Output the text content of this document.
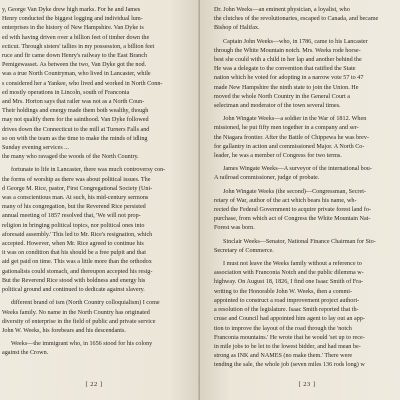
y, George Van Dyke drew high marks. For he and James
Henry conducted the biggest logging and individual lum-
enterprises in the history of New Hampshire. Van Dyke is
ed with having driven over a billion feet of timber down the
ecticut. Through sisters' tallies in my possession, a billion feet
ruce and fir came down Henry's railway to the East Branch
Pemigewasset. As between the two, Van Dyke got the nod.
was a true North Countryman, who lived in Lancaster, while
s considered her a Yankee, who lived and worked in North Conn-
ed mostly operations in Lincoln, south of Franconia
and Mrs. Horton says that railer was not as a North Coun-
Their holdings and energy made them both wealthy, though
may not qualify them for the sainthood. Van Dyke followed
drives down the Connecticut to the mill at Turners Falls and
so on with the team as the time to make the minds of idling
Sunday evening services ...
the many who ravaged the woods of the North Country.
fortunate to life in Lancaster, there was much controversy con-
the forms of worship as there was about political issues. The
d George M. Rice, pastor, First Congregational Society (Uni-
was a conscientious man. At such, his mid-century sermons
many of his congregation, but the Reverend Rice persisted
annual meeting of 1857 resolved that, 'We will not prop-
religion in bringing political topics, nor political ones into
aforesaid assembly.' This led to Mr. Rice's resignation, which
accepted. However, when Mr. Rice agreed to continue his
it was on condition that his should be a free pulpit and that
aid get paid on time. This was a little more than the orthodox
gationalists could stomach, and thereupon accepted his resig-
But the Reverend Rice stood with boldness and energy his
political ground and continued to dedicate against slavery.
different brand of ism (North Country colloquialism) I come
Weeks family. No name in the North Country has originated
diversity of enterprise in the field of public and private service
John W. Weeks, his forebears and his descendants.
Weeks—the immigrant who, in 1656 stood for his colony
against the Crown.
[ 22 ]
Dr. John Weeks—an eminent physician, a loyalist, who
the clutches of the revolutionaries, escaped to Canada, and became
Bishop of Halifax.
Captain John Weeks—who, in 1786, came to his Lancaster
through the White Mountain notch. Mrs. Weeks rode horse-
best she could with a child in her lap and another behind the
He was a delegate to the convention that ratified the State
nation which he voted for adopting in a narrow vote 57 to 47
made New Hampshire the ninth state to join the Union. He
moved the whole North Country in the General Court a
selectman and moderator of the town several times.
John Wingate Weeks—a soldier in the War of 1812. When
missioned, he put fifty men together in a company and ser-
the Niagara frontier. After the Battle of Chippewa he was brev-
for gallantry in action and commissioned Major. A North Co-
leader, he was a member of Congress for two terms.
James Wingate Weeks—A surveyor of the international bou-
A railroad commissioner, judge of probate.
John Wingate Weeks (the second)—Congressman, Secret-
retary of War, author of the act which bears his name, wh-
rected the Federal Government to acquire private forest land fo-
purchase, from which act of Congress the White Mountain Nat-
Forest was born.
Sinclair Weeks—Senator, National Finance Chairman for Sto-
Secretary of Commerce.
I must not leave the Weeks family without a reference to
association with Franconia Notch and the public dilemma w-
highway. On August 18, 1826, I find one Isaac Smith of Fra-
writing to the Honorable John W. Weeks, then a commi-
appointed to construct a road improvement project authori-
a resolution of the legislature. Isaac Smith reported that th-
cruse and Council had appointed him agent to lay out an app-
tion to improve the layout of the road through the 'notch
Franconia mountains.' He wrote that he would 'set up to rece-
in mile jobs to be let to the lowest bidder, and had mean be-
strong as INK and NAMES (no make them.' There were
tending the sale, the whole job (seven miles 136 rods long) w
[ 23 ]
